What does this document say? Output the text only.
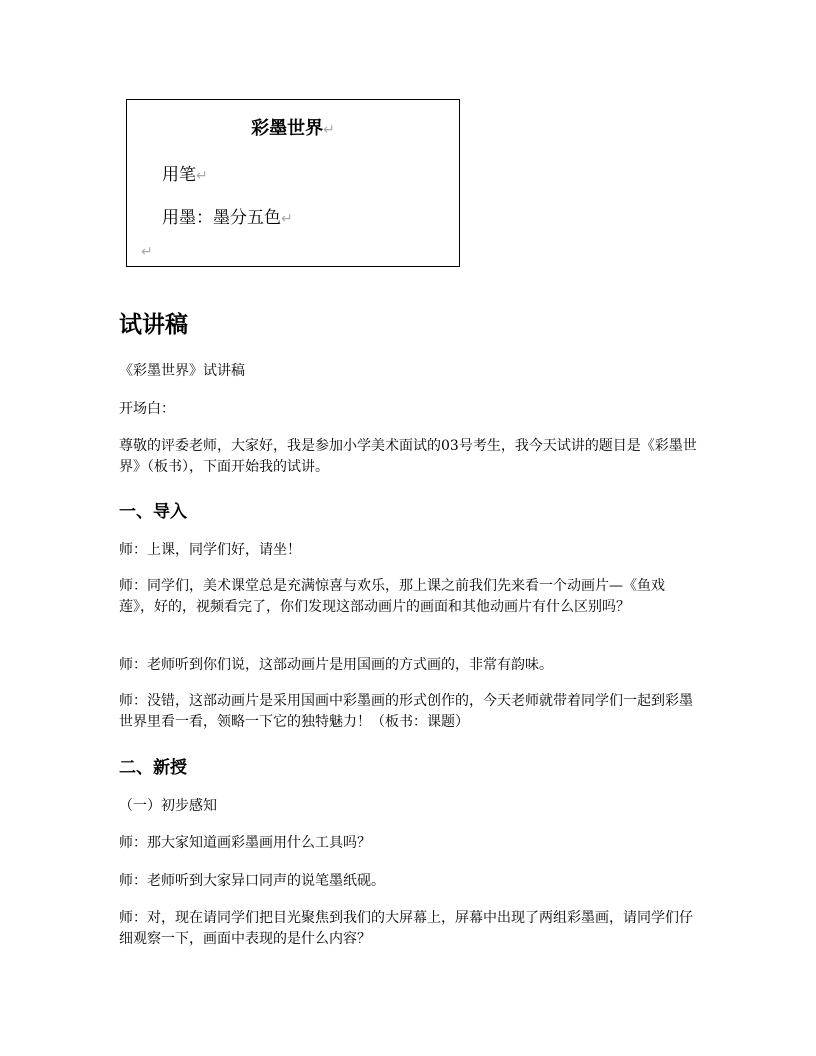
彩墨世界↵
用笔↵
用墨：墨分五色↵
↵
试讲稿
《彩墨世界》试讲稿
开场白：
尊敬的评委老师，大家好，我是参加小学美术面试的03号考生，我今天试讲的题目是《彩墨世界》（板书），下面开始我的试讲。
一、导入
师：上课，同学们好，请坐！
师：同学们，美术课堂总是充满惊喜与欢乐，那上课之前我们先来看一个动画片—《鱼戏莲》，好的，视频看完了，你们发现这部动画片的画面和其他动画片有什么区别吗？
师：老师听到你们说，这部动画片是用国画的方式画的，非常有韵味。
师：没错，这部动画片是采用国画中彩墨画的形式创作的，今天老师就带着同学们一起到彩墨世界里看一看，领略一下它的独特魅力！（板书：课题）
二、新授
（一）初步感知
师：那大家知道画彩墨画用什么工具吗？
师：老师听到大家异口同声的说笔墨纸砚。
师：对，现在请同学们把目光聚焦到我们的大屏幕上，屏幕中出现了两组彩墨画，请同学们仔细观察一下，画面中表现的是什么内容？
